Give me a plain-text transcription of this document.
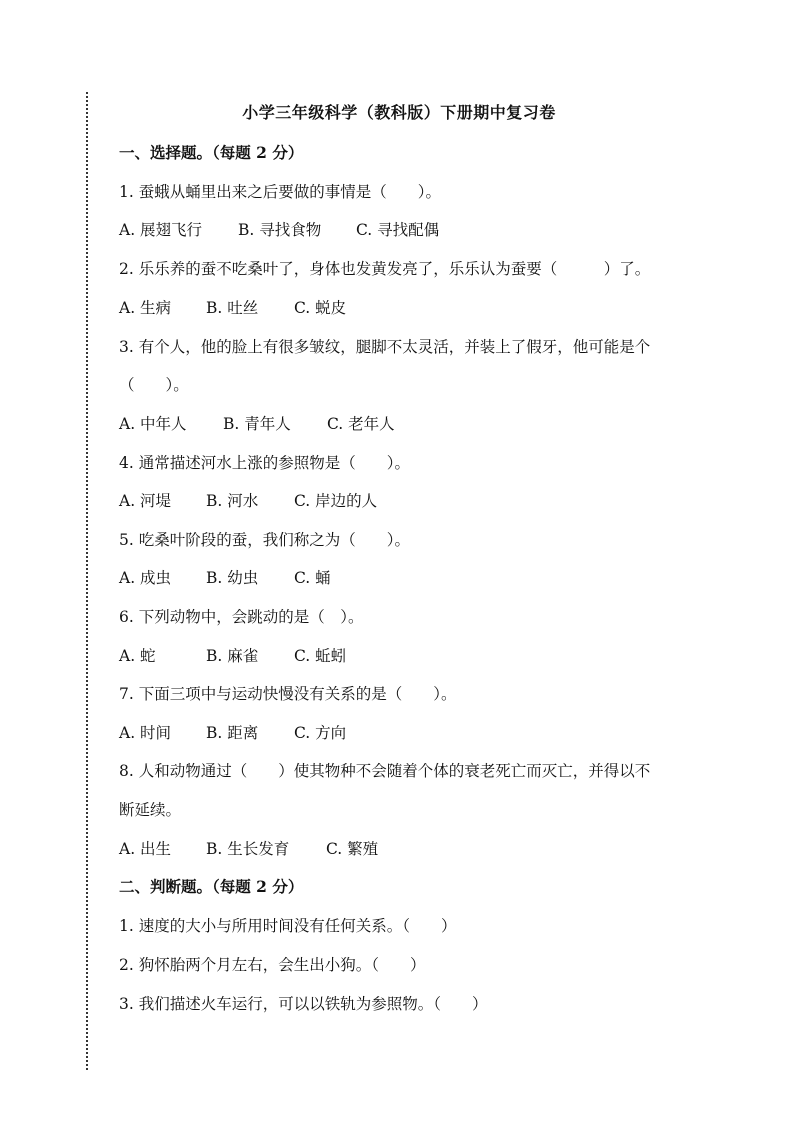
小学三年级科学（教科版）下册期中复习卷
一、选择题。（每题 2 分）
1. 蚕蛾从蛹里出来之后要做的事情是（　　）。
A. 展翅飞行 B. 寻找食物 C. 寻找配偶
2. 乐乐养的蚕不吃桑叶了，身体也发黄发亮了，乐乐认为蚕要（　　　）了。
A. 生病 B. 吐丝 C. 蜕皮
3. 有个人，他的脸上有很多皱纹，腿脚不太灵活，并装上了假牙，他可能是个
（　　）。
A. 中年人 B. 青年人 C. 老年人
4. 通常描述河水上涨的参照物是（　　）。
A. 河堤 B. 河水 C. 岸边的人
5. 吃桑叶阶段的蚕，我们称之为（　　）。
A. 成虫 B. 幼虫 C. 蛹
6. 下列动物中，会跳动的是（　）。
A. 蛇	B. 麻雀 C. 蚯蚓
7. 下面三项中与运动快慢没有关系的是（　　）。
A. 时间 B. 距离 C. 方向
8. 人和动物通过（　　）使其物种不会随着个体的衰老死亡而灭亡，并得以不
断延续。
A. 出生 B. 生长发育 C. 繁殖
二、判断题。（每题 2 分）
1. 速度的大小与所用时间没有任何关系。（　　）
2. 狗怀胎两个月左右，会生出小狗。（　　）
3. 我们描述火车运行，可以以铁轨为参照物。（　　）
